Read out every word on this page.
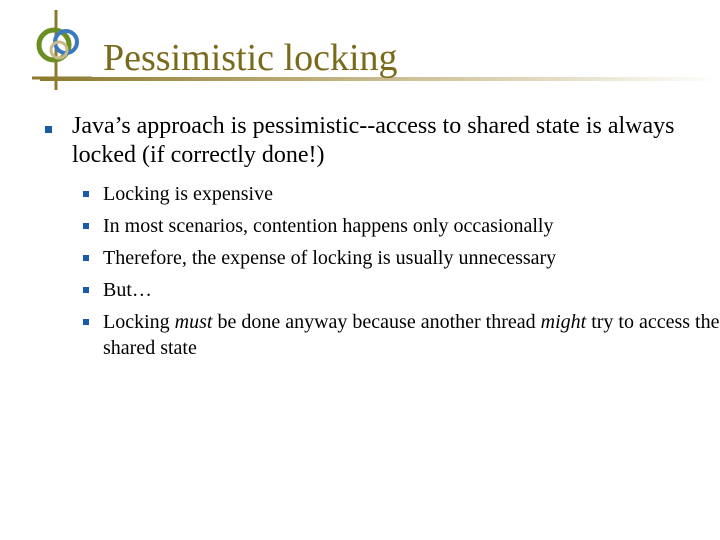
Pessimistic locking
Java’s approach is pessimistic--access to shared state is always locked (if correctly done!)
Locking is expensive
In most scenarios, contention happens only occasionally
Therefore, the expense of locking is usually unnecessary
But…
Locking must be done anyway because another thread might try to access the shared state
